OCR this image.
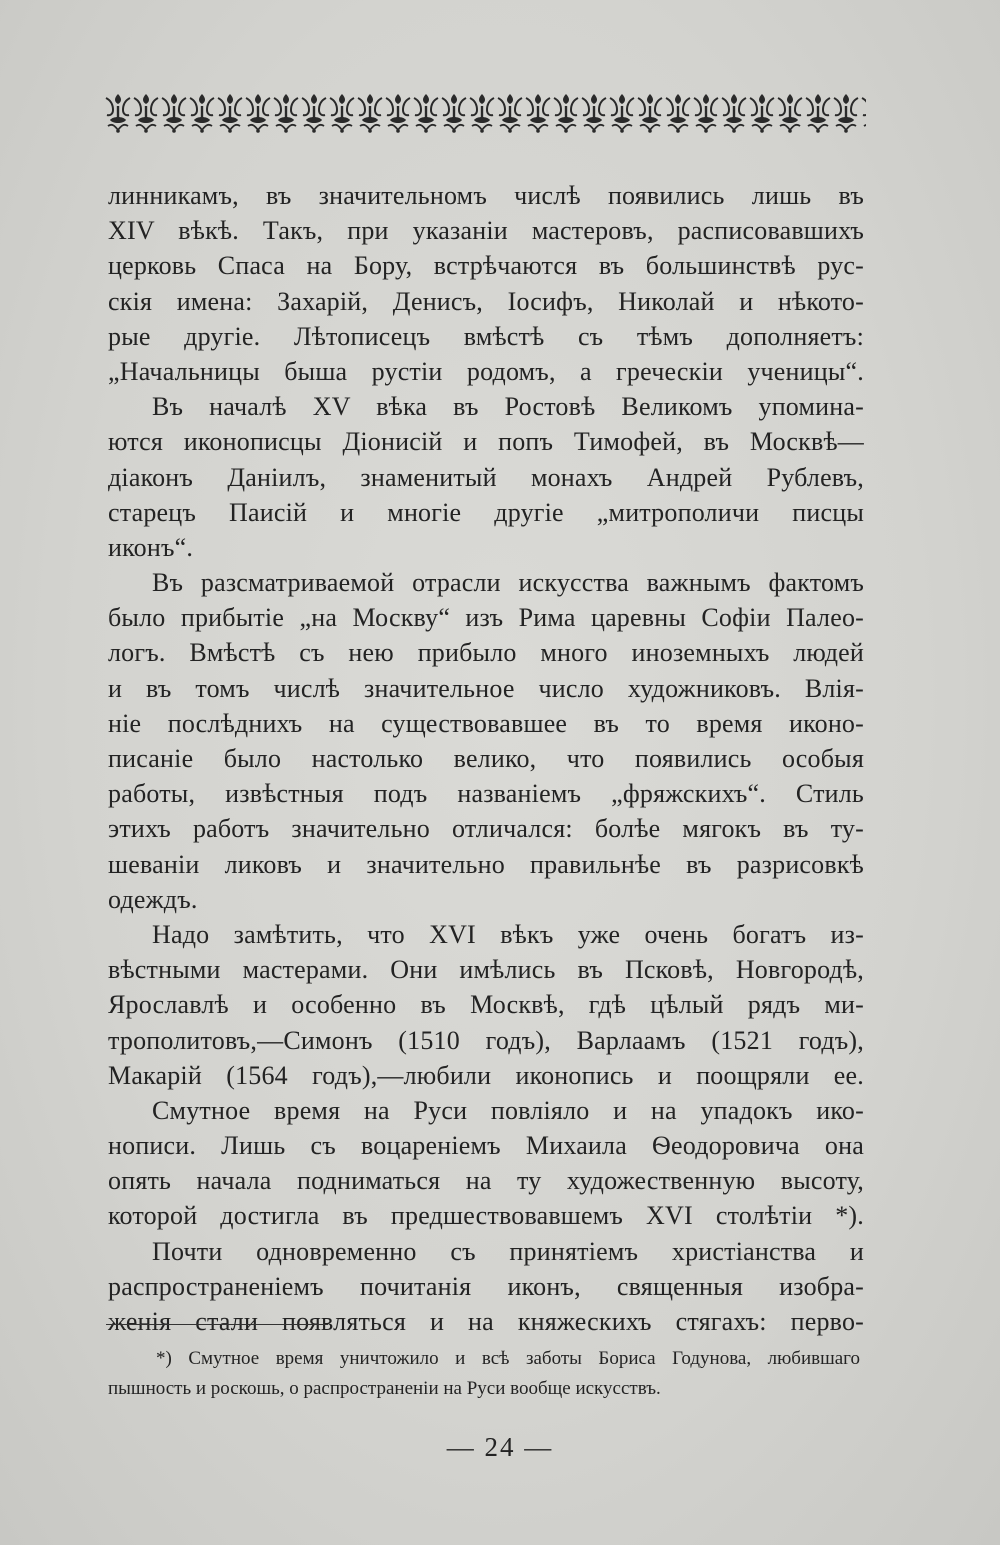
линникамъ, въ значительномъ числѣ появились лишь въ
XIV вѣкѣ. Такъ, при указаніи мастеровъ, расписовавшихъ
церковь Спаса на Бору, встрѣчаются въ большинствѣ рус-
скія имена: Захарій, Денисъ, Іосифъ, Николай и нѣкото-
рые другіе. Лѣтописецъ вмѣстѣ съ тѣмъ дополняетъ:
„Начальницы быша рустіи родомъ, а греческіи ученицы“.
Въ началѣ XV вѣка въ Ростовѣ Великомъ упомина-
ются иконописцы Діонисій и попъ Тимофей, въ Москвѣ—
діаконъ Даніилъ, знаменитый монахъ Андрей Рублевъ,
старецъ Паисій и многіе другіе „митрополичи писцы
иконъ“.
Въ разсматриваемой отрасли искусства важнымъ фактомъ
было прибытіе „на Москву“ изъ Рима царевны Софіи Палео-
логъ. Вмѣстѣ съ нею прибыло много иноземныхъ людей
и въ томъ числѣ значительное число художниковъ. Влія-
ніе послѣднихъ на существовавшее въ то время иконо-
писаніе было настолько велико, что появились особыя
работы, извѣстныя подъ названіемъ „фряжскихъ“. Стиль
этихъ работъ значительно отличался: болѣе мягокъ въ ту-
шеваніи ликовъ и значительно правильнѣе въ разрисовкѣ
одеждъ.
Надо замѣтить, что XVI вѣкъ уже очень богатъ из-
вѣстными мастерами. Они имѣлись въ Псковѣ, Новгородѣ,
Ярославлѣ и особенно въ Москвѣ, гдѣ цѣлый рядъ ми-
трополитовъ,—Симонъ (1510 годъ), Варлаамъ (1521 годъ),
Макарій (1564 годъ),—любили иконопись и поощряли ее.
Смутное время на Руси повліяло и на упадокъ ико-
нописи. Лишь съ воцареніемъ Михаила Ѳеодоровича она
опять начала подниматься на ту художественную высоту,
которой достигла въ предшествовавшемъ XVI столѣтіи *).
Почти одновременно съ принятіемъ христіанства и
распространеніемъ почитанія иконъ, священныя изобра-
женія стали появляться и на княжескихъ стягахъ: перво-
*) Смутное время уничтожило и всѣ заботы Бориса Годунова, любившаго
пышность и роскошь, о распространеніи на Руси вообще искусствъ.
— 24 —
